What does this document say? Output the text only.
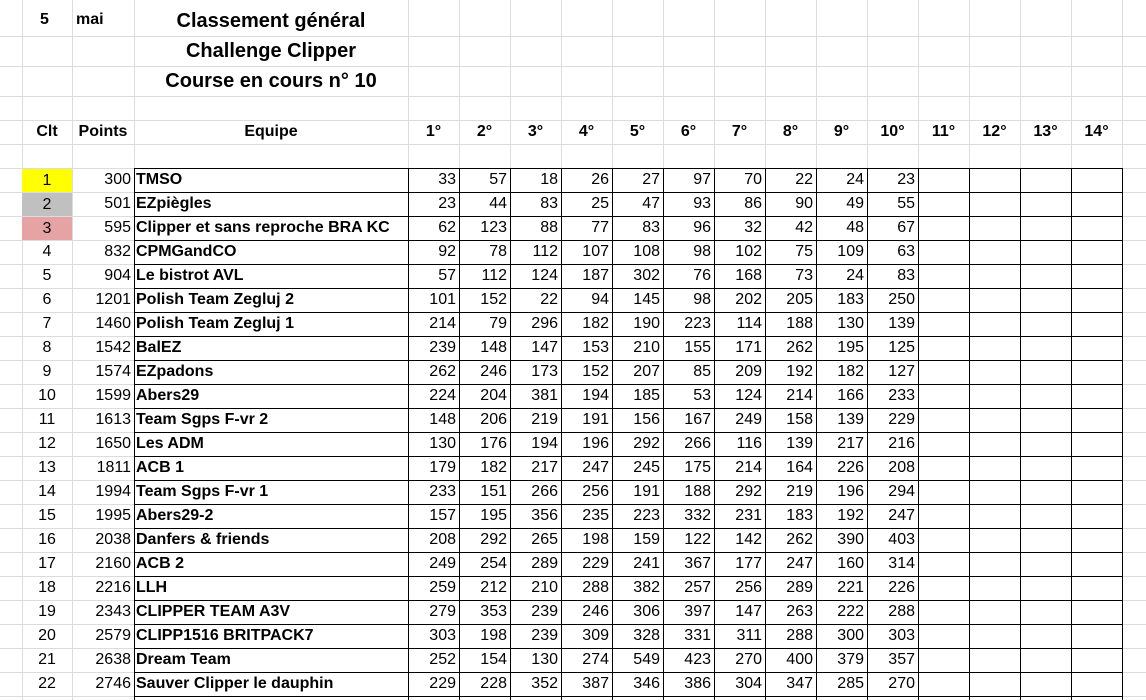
5 mai	Classement général
Challenge Clipper
Course en cours n° 10
Clt	Points	Equipe	1°	2°	3°	4°	5°	6°	7°	8°	9°	10°	11°	12°	13°	14°
1	300 TMSO	33	57	18	26	27	97	70	22	24	23
2	501 EZpiègles	23	44	83	25	47	93	86	90	49	55
3	595 Clipper et sans reproche BRA KC	62	123	88	77	83	96	32	42	48	67
4	832 CPMGandCO	92	78	112	107	108	98	102	75	109	63
5	904 Le bistrot AVL	57	112	124	187	302	76	168	73	24	83
6	1201 Polish Team Zegluj 2	101	152	22	94	145	98	202	205	183	250
7	1460 Polish Team Zegluj 1	214	79	296	182	190	223	114	188	130	139
8	1542 BalEZ	239	148	147	153	210	155	171	262	195	125
9	1574 EZpadons	262	246	173	152	207	85	209	192	182	127
10	1599 Abers29	224	204	381	194	185	53	124	214	166	233
11	1613 Team Sgps F-vr 2	148	206	219	191	156	167	249	158	139	229
12	1650 Les ADM	130	176	194	196	292	266	116	139	217	216
13	1811 ACB 1	179	182	217	247	245	175	214	164	226	208
14	1994 Team Sgps F-vr 1	233	151	266	256	191	188	292	219	196	294
15	1995 Abers29-2	157	195	356	235	223	332	231	183	192	247
16	2038 Danfers & friends	208	292	265	198	159	122	142	262	390	403
17	2160 ACB 2	249	254	289	229	241	367	177	247	160	314
18	2216 LLH	259	212	210	288	382	257	256	289	221	226
19	2343 CLIPPER TEAM A3V	279	353	239	246	306	397	147	263	222	288
20	2579 CLIPP1516 BRITPACK7	303	198	239	309	328	331	311	288	300	303
21	2638 Dream Team	252	154	130	274	549	423	270	400	379	357
22	2746 Sauver Clipper le dauphin	229	228	352	387	346	386	304	347	285	270
